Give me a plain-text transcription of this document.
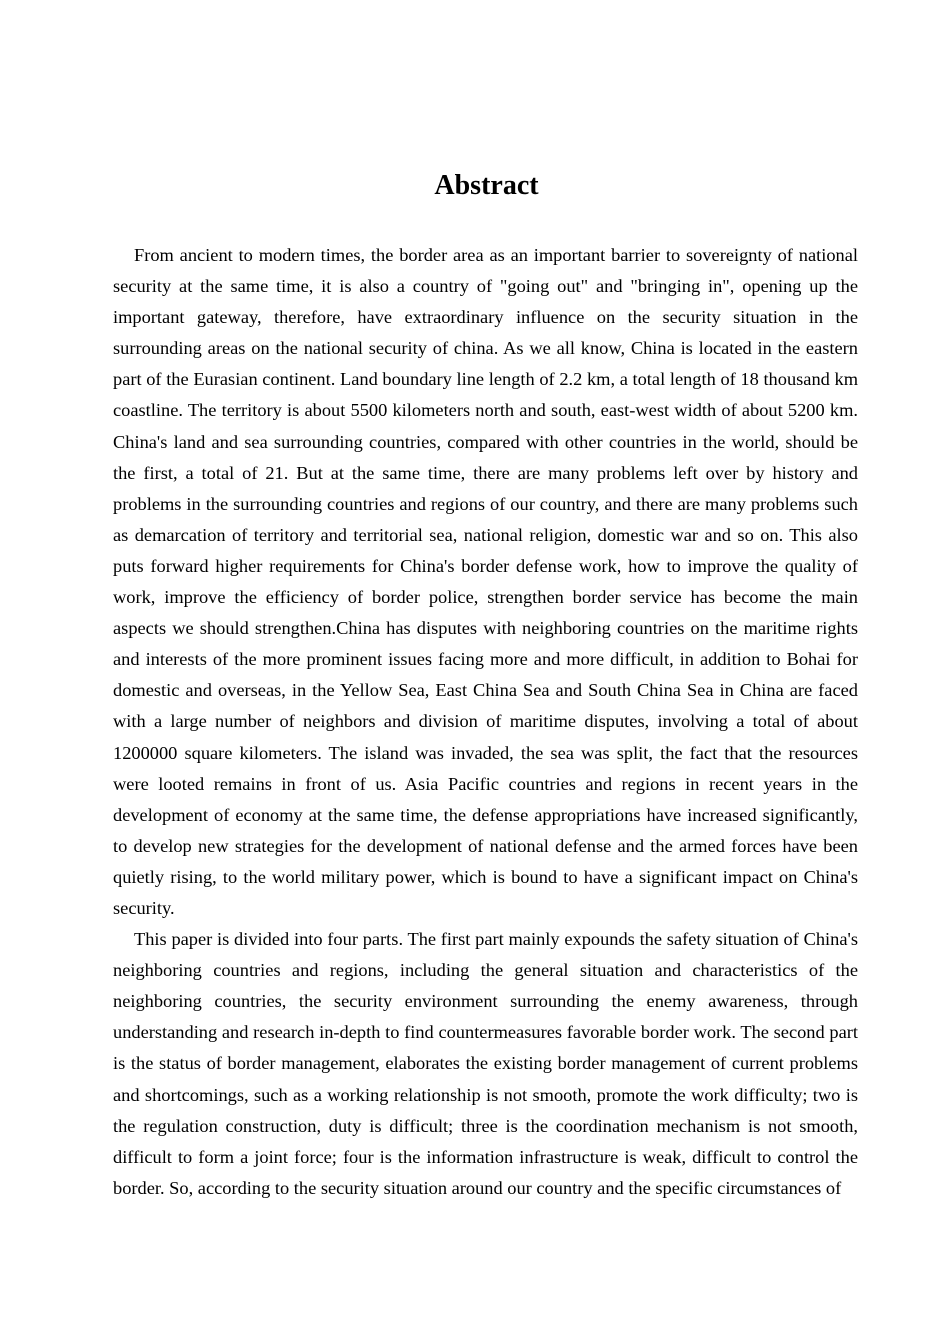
Abstract

From ancient to modern times, the border area as an important barrier to sovereignty of national security at the same time, it is also a country of "going out" and "bringing in", opening up the important gateway, therefore, have extraordinary influence on the security situation in the surrounding areas on the national security of china. As we all know, China is located in the eastern part of the Eurasian continent. Land boundary line length of 2.2 km, a total length of 18 thousand km coastline. The territory is about 5500 kilometers north and south, east-west width of about 5200 km. China's land and sea surrounding countries, compared with other countries in the world, should be the first, a total of 21. But at the same time, there are many problems left over by history and problems in the surrounding countries and regions of our country, and there are many problems such as demarcation of territory and territorial sea, national religion, domestic war and so on. This also puts forward higher requirements for China's border defense work, how to improve the quality of work, improve the efficiency of border police, strengthen border service has become the main aspects we should strengthen.China has disputes with neighboring countries on the maritime rights and interests of the more prominent issues facing more and more difficult, in addition to Bohai for domestic and overseas, in the Yellow Sea, East China Sea and South China Sea in China are faced with a large number of neighbors and division of maritime disputes, involving a total of about 1200000 square kilometers. The island was invaded, the sea was split, the fact that the resources were looted remains in front of us. Asia Pacific countries and regions in recent years in the development of economy at the same time, the defense appropriations have increased significantly, to develop new strategies for the development of national defense and the armed forces have been quietly rising, to the world military power, which is bound to have a significant impact on China's security.

This paper is divided into four parts. The first part mainly expounds the safety situation of China's neighboring countries and regions, including the general situation and characteristics of the neighboring countries, the security environment surrounding the enemy awareness, through understanding and research in-depth to find countermeasures favorable border work. The second part is the status of border management, elaborates the existing border management of current problems and shortcomings, such as a working relationship is not smooth, promote the work difficulty; two is the regulation construction, duty is difficult; three is the coordination mechanism is not smooth, difficult to form a joint force; four is the information infrastructure is weak, difficult to control the border. So, according to the security situation around our country and the specific circumstances of
